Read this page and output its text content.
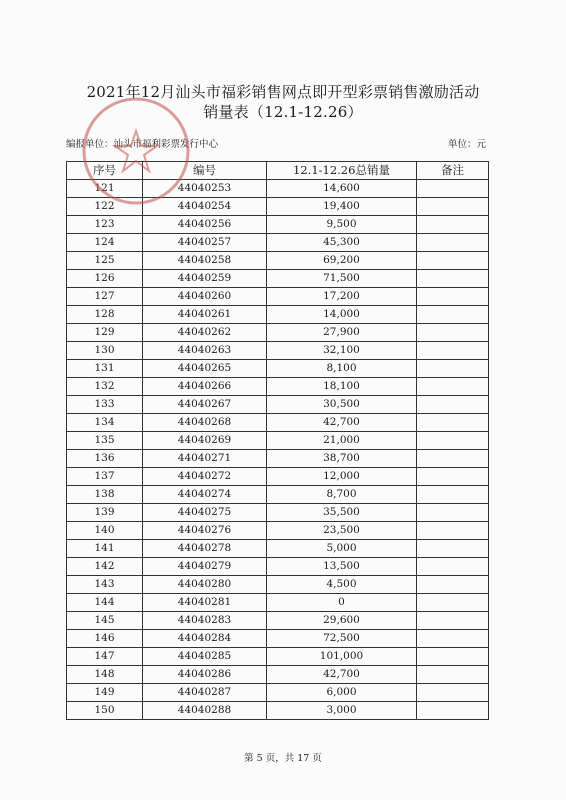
2021年12月汕头市福彩销售网点即开型彩票销售激励活动
销量表（12.1-12.26）
编报单位：汕头市福利彩票发行中心	单位：元
序号	编号	12.1-12.26总销量	备注
121	44040253	14,600	
122	44040254	19,400	
123	44040256	9,500	
124	44040257	45,300	
125	44040258	69,200	
126	44040259	71,500	
127	44040260	17,200	
128	44040261	14,000	
129	44040262	27,900	
130	44040263	32,100	
131	44040265	8,100	
132	44040266	18,100	
133	44040267	30,500	
134	44040268	42,700	
135	44040269	21,000	
136	44040271	38,700	
137	44040272	12,000	
138	44040274	8,700	
139	44040275	35,500	
140	44040276	23,500	
141	44040278	5,000	
142	44040279	13,500	
143	44040280	4,500	
144	44040281	0	
145	44040283	29,600	
146	44040284	72,500	
147	44040285	101,000	
148	44040286	42,700	
149	44040287	6,000	
150	44040288	3,000	
第 5 页，共 17 页
